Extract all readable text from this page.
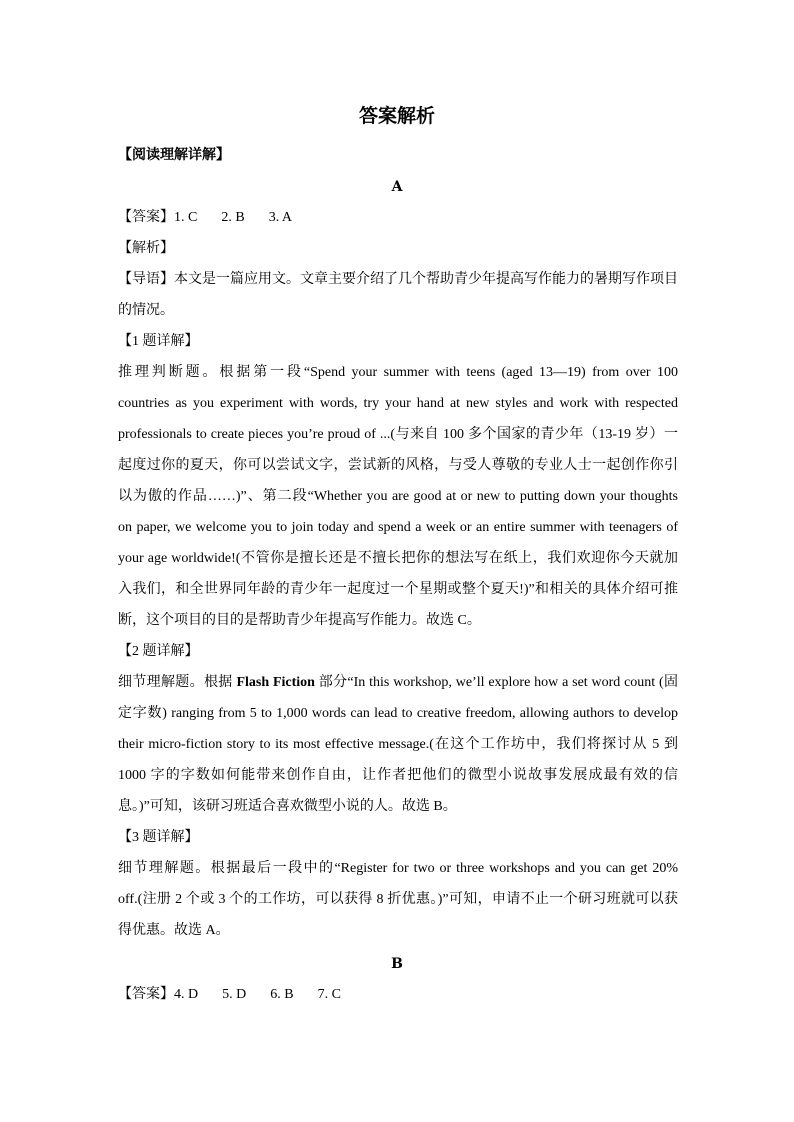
答案解析
【阅读理解详解】
A
【答案】1. C 2. B 3. A
【解析】
【导语】本文是一篇应用文。文章主要介绍了几个帮助青少年提高写作能力的暑期写作项目
的情况。
【1 题详解】
推理判断题。根据第一段“Spend your summer with teens (aged 13—19) from over 100
countries as you experiment with words, try your hand at new styles and work with respected
professionals to create pieces you’re proud of ...(与来自 100 多个国家的青少年（13-19 岁）一
起度过你的夏天，你可以尝试文字，尝试新的风格，与受人尊敬的专业人士一起创作你引
以为傲的作品……)”、第二段“Whether you are good at or new to putting down your thoughts
on paper, we welcome you to join today and spend a week or an entire summer with teenagers of
your age worldwide!(不管你是擅长还是不擅长把你的想法写在纸上，我们欢迎你今天就加
入我们，和全世界同年龄的青少年一起度过一个星期或整个夏天!)”和相关的具体介绍可推
断，这个项目的目的是帮助青少年提高写作能力。故选 C。
【2 题详解】
细节理解题。根据 Flash Fiction 部分“In this workshop, we’ll explore how a set word count (固
定字数) ranging from 5 to 1,000 words can lead to creative freedom, allowing authors to develop
their micro-fiction story to its most effective message.(在这个工作坊中，我们将探讨从 5 到
1000 字的字数如何能带来创作自由，让作者把他们的微型小说故事发展成最有效的信
息。)”可知，该研习班适合喜欢微型小说的人。故选 B。
【3 题详解】
细节理解题。根据最后一段中的“Register for two or three workshops and you can get 20%
off.(注册 2 个或 3 个的工作坊，可以获得 8 折优惠。)”可知，申请不止一个研习班就可以获
得优惠。故选 A。
B
【答案】4. D 5. D 6. B 7. C
